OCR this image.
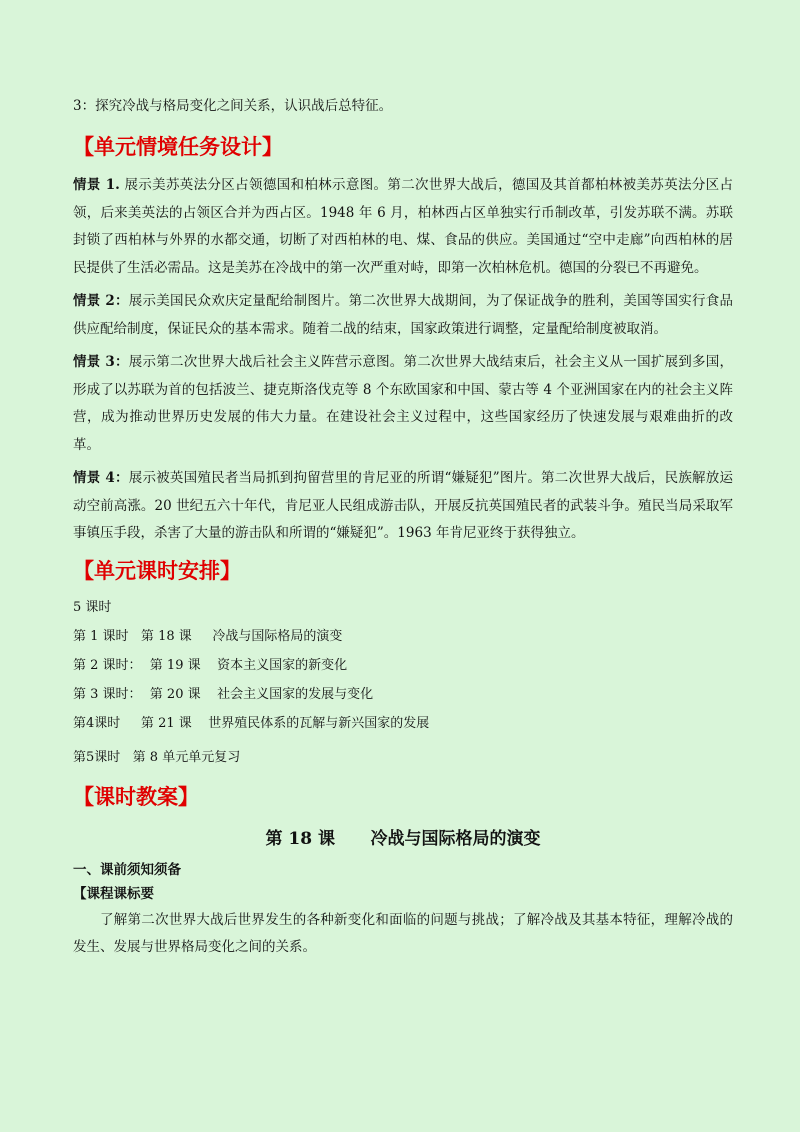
3：探究冷战与格局变化之间关系，认识战后总特征。

【单元情境任务设计】

情景 1. 展示美苏英法分区占领德国和柏林示意图。第二次世界大战后，德国及其首都柏林被美苏英法分区占领，后来美英法的占领区合并为西占区。1948 年 6 月，柏林西占区单独实行币制改革，引发苏联不满。苏联封锁了西柏林与外界的水都交通，切断了对西柏林的电、煤、食品的供应。美国通过“空中走廊”向西柏林的居民提供了生活必需品。这是美苏在冷战中的第一次严重对峙，即第一次柏林危机。德国的分裂已不再避免。

情景 2：展示美国民众欢庆定量配给制图片。第二次世界大战期间，为了保证战争的胜利，美国等国实行食品供应配给制度，保证民众的基本需求。随着二战的结束，国家政策进行调整，定量配给制度被取消。

情景 3：展示第二次世界大战后社会主义阵营示意图。第二次世界大战结束后，社会主义从一国扩展到多国，形成了以苏联为首的包括波兰、捷克斯洛伐克等 8 个东欧国家和中国、蒙古等 4 个亚洲国家在内的社会主义阵营，成为推动世界历史发展的伟大力量。在建设社会主义过程中，这些国家经历了快速发展与艰难曲折的改革。

情景 4：展示被英国殖民者当局抓到拘留营里的肯尼亚的所谓“嫌疑犯”图片。第二次世界大战后，民族解放运动空前高涨。20 世纪五六十年代，肯尼亚人民组成游击队，开展反抗英国殖民者的武装斗争。殖民当局采取军事镇压手段，杀害了大量的游击队和所谓的“嫌疑犯”。1963 年肯尼亚终于获得独立。

【单元课时安排】

5 课时

第 1 课时   第 18 课     冷战与国际格局的演变

第 2 课时：  第 19 课    资本主义国家的新变化

第 3 课时：  第 20 课    社会主义国家的发展与变化

第4课时     第 21 课    世界殖民体系的瓦解与新兴国家的发展

第5课时   第 8 单元单元复习

【课时教案】

第 18 课      冷战与国际格局的演变

一、课前须知须备

【课程课标要

了解第二次世界大战后世界发生的各种新变化和面临的问题与挑战；了解冷战及其基本特征，理解冷战的发生、发展与世界格局变化之间的关系。
